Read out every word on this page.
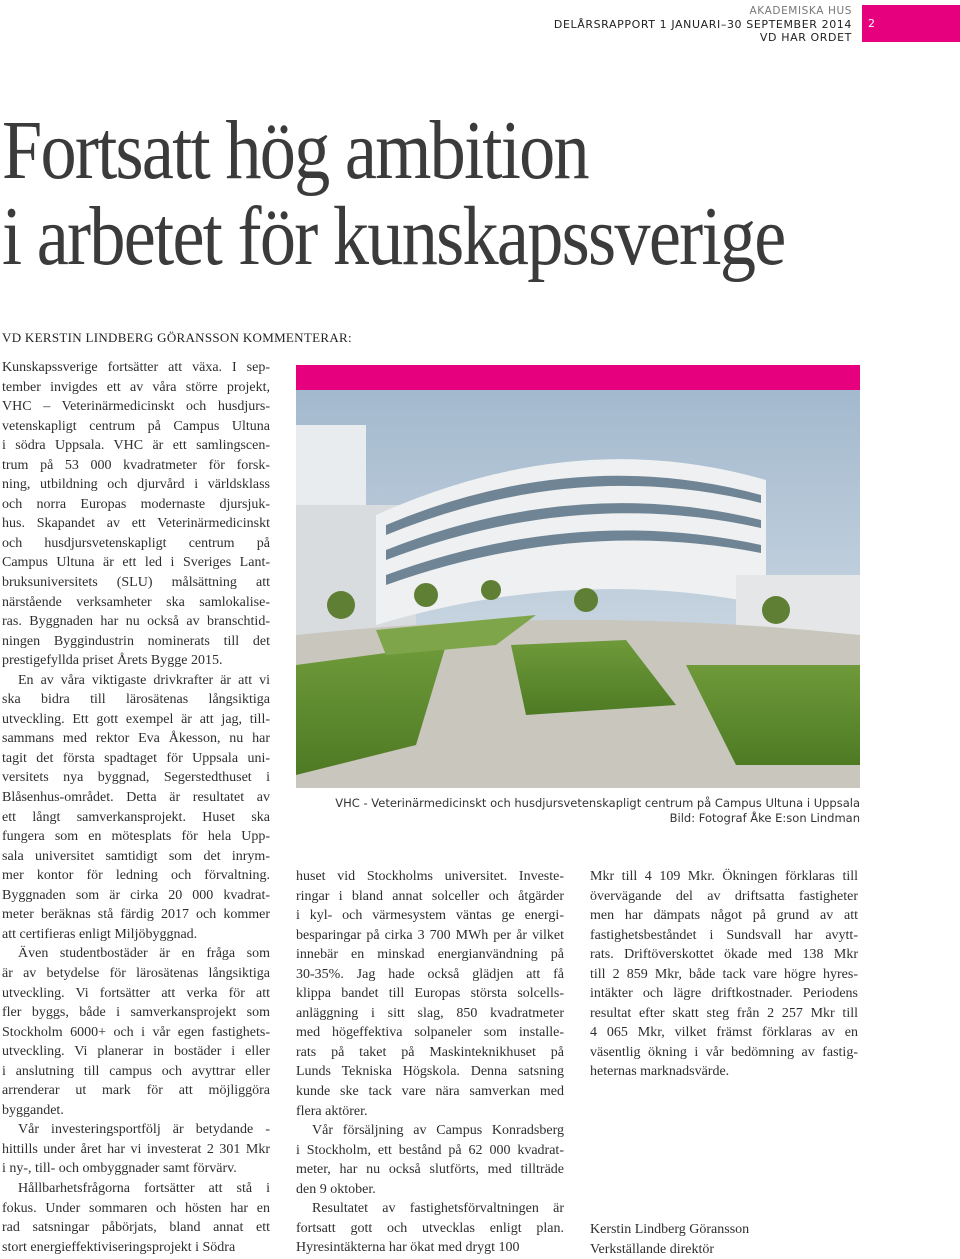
AKADEMISKA HUS
DELÅRSRAPPORT 1 JANUARI–30 SEPTEMBER 2014
VD HAR ORDET
2
Fortsatt hög ambition
i arbetet för kunskapssverige
VD KERSTIN LINDBERG GÖRANSSON KOMMENTERAR:
Kunskapssverige fortsätter att växa. I sep-
tember invigdes ett av våra större projekt,
VHC – Veterinärmedicinskt och husdjurs-
vetenskapligt centrum på Campus Ultuna
i södra Uppsala. VHC är ett samlingscen-
trum på 53 000 kvadratmeter för forsk-
ning, utbildning och djurvård i världsklass
och norra Europas modernaste djursjuk-
hus. Skapandet av ett Veterinärmedicinskt
och husdjursvetenskapligt centrum på
Campus Ultuna är ett led i Sveriges Lant-
bruksuniversitets (SLU) målsättning att
närstående verksamheter ska samlokalise-
ras. Byggnaden har nu också av branschtid-
ningen Byggindustrin nominerats till det
prestigefyllda priset Årets Bygge 2015.
En av våra viktigaste drivkrafter är att vi
ska bidra till lärosätenas långsiktiga
utveckling. Ett gott exempel är att jag, till-
sammans med rektor Eva Åkesson, nu har
tagit det första spadtaget för Uppsala uni-
versitets nya byggnad, Segerstedthuset i
Blåsenhus-området. Detta är resultatet av
ett långt samverkansprojekt. Huset ska
fungera som en mötesplats för hela Upp-
sala universitet samtidigt som det inrym-
mer kontor för ledning och förvaltning.
Byggnaden som är cirka 20 000 kvadrat-
meter beräknas stå färdig 2017 och kommer
att certifieras enligt Miljöbyggnad.
Även studentbostäder är en fråga som
är av betydelse för lärosätenas långsiktiga
utveckling. Vi fortsätter att verka för att
fler byggs, både i samverkansprojekt som
Stockholm 6000+ och i vår egen fastighets-
utveckling. Vi planerar in bostäder i eller
i anslutning till campus och avyttrar eller
arrenderar ut mark för att möjliggöra
byggandet.
Vår investeringsportfölj är betydande -
hittills under året har vi investerat 2 301 Mkr
i ny-, till- och ombyggnader samt förvärv.
Hållbarhetsfrågorna fortsätter att stå i
fokus. Under sommaren och hösten har en
rad satsningar påbörjats, bland annat ett
stort energieffektiviseringsprojekt i Södra
huset vid Stockholms universitet. Investe-
ringar i bland annat solceller och åtgärder
i kyl- och värmesystem väntas ge energi-
besparingar på cirka 3 700 MWh per år vilket
innebär en minskad energianvändning på
30-35%. Jag hade också glädjen att få
klippa bandet till Europas största solcells-
anläggning i sitt slag, 850 kvadratmeter
med högeffektiva solpaneler som installe-
rats på taket på Maskinteknikhuset på
Lunds Tekniska Högskola. Denna satsning
kunde ske tack vare nära samverkan med
flera aktörer.
Vår försäljning av Campus Konradsberg
i Stockholm, ett bestånd på 62 000 kvadrat-
meter, har nu också slutförts, med tillträde
den 9 oktober.
Resultatet av fastighetsförvaltningen är
fortsatt gott och utvecklas enligt plan.
Hyresintäkterna har ökat med drygt 100
Mkr till 4 109 Mkr. Ökningen förklaras till
övervägande del av driftsatta fastigheter
men har dämpats något på grund av att
fastighetsbeståndet i Sundsvall har avytt-
rats. Driftöverskottet ökade med 138 Mkr
till 2 859 Mkr, både tack vare högre hyres-
intäkter och lägre driftkostnader. Periodens
resultat efter skatt steg från 2 257 Mkr till
4 065 Mkr, vilket främst förklaras av en
väsentlig ökning i vår bedömning av fastig-
heternas marknadsvärde.
VHC - Veterinärmedicinskt och husdjursvetenskapligt centrum på Campus Ultuna i Uppsala
Bild: Fotograf Åke E:son Lindman
Kerstin Lindberg Göransson
Verkställande direktör
